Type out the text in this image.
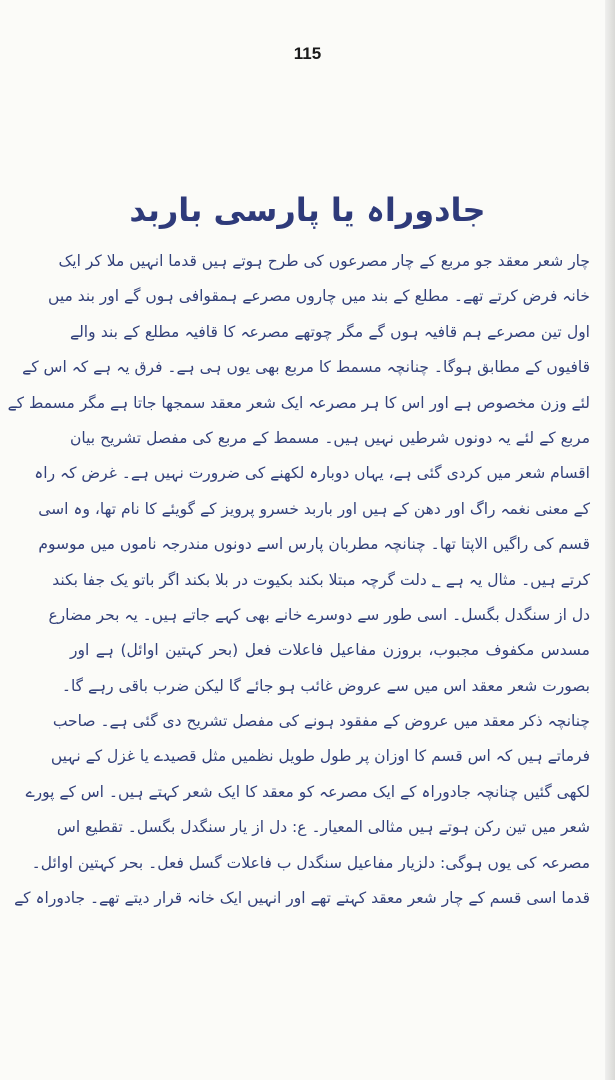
115
جادوراہ یا پارسی باربد
چار شعر معقد جو مربع کے چار مصرعوں کی طرح ہوتے ہیں قدما انہیں ملا کر ایک
خانہ فرض کرتے تھے۔ مطلع کے بند میں چاروں مصرعے ہمقوافی ہوں گے اور بند میں
اول تین مصرعے ہم قافیہ ہوں گے مگر چوتھے مصرعہ کا قافیہ مطلع کے بند والے
قافیوں کے مطابق ہوگا۔ چنانچہ مسمط کا مربع بھی یوں ہی ہے۔ فرق یہ ہے کہ اس کے
لئے وزن مخصوص ہے اور اس کا ہر مصرعہ ایک شعر معقد سمجھا جاتا ہے مگر مسمط کے
مربع کے لئے یہ دونوں شرطیں نہیں ہیں۔ مسمط کے مربع کی مفصل تشریح بیان
اقسام شعر میں کردی گئی ہے، یہاں دوبارہ لکھنے کی ضرورت نہیں ہے۔ غرض کہ راہ
کے معنی نغمہ راگ اور دھن کے ہیں اور باربد خسرو پرویز کے گویئے کا نام تھا، وہ اسی
قسم کی راگیں الاپتا تھا۔ چنانچہ مطربان پارس اسے دونوں مندرجہ ناموں میں موسوم
کرتے ہیں۔ مثال یہ ہے ؂ دلت گرچہ مبتلا بکند بکیوت در بلا بکند اگر باتو یک جفا بکند
دل از سنگدل بگسل۔ اسی طور سے دوسرے خانے بھی کہے جاتے ہیں۔ یہ بحر مضارع
مسدس مکفوف مجبوب، بروزن مفاعیل فاعلات فعل (بحر کہتین اوائل) ہے اور
بصورت شعر معقد اس میں سے عروض غائب ہو جائے گا لیکن ضرب باقی رہے گا۔
چنانچہ ذکر معقد میں عروض کے مفقود ہونے کی مفصل تشریح دی گئی ہے۔ صاحب
فرماتے ہیں کہ اس قسم کا اوزان پر طول طویل نظمیں مثل قصیدے یا غزل کے نہیں
لکھی گئیں چنانچہ جادوراہ کے ایک مصرعہ کو معقد کا ایک شعر کہتے ہیں۔ اس کے پورے
شعر میں تین رکن ہوتے ہیں مثالی المعیار۔ ع: دل از یار سنگدل بگسل۔ تقطیع اس
مصرعہ کی یوں ہوگی: دلزیار مفاعیل سنگدل ب فاعلات گسل فعل۔ بحر کہتین اوائل۔
قدما اسی قسم کے چار شعر معقد کہتے تھے اور انہیں ایک خانہ قرار دیتے تھے۔ جادوراہ کے
